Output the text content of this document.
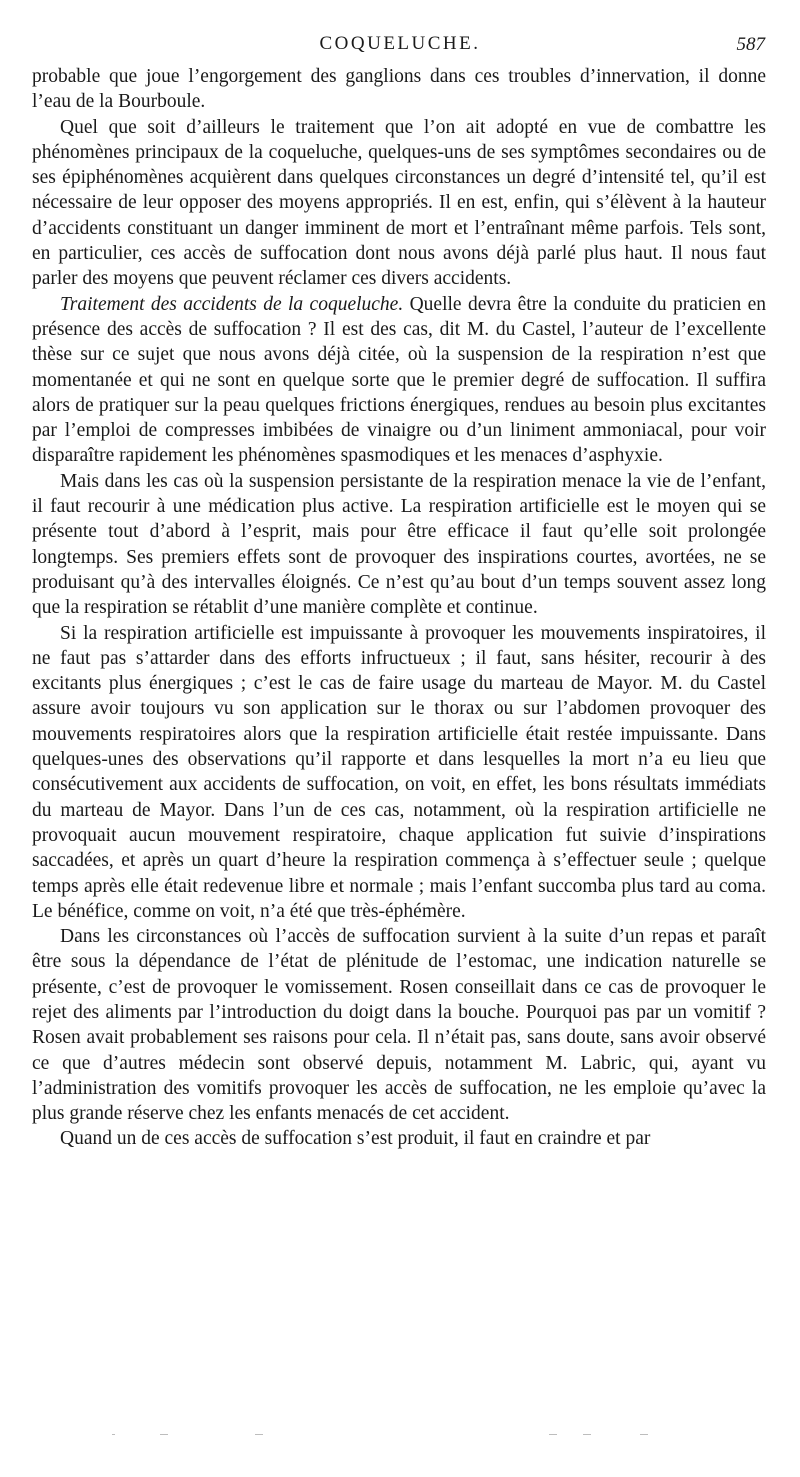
COQUELUCHE.	587

probable que joue l’engorgement des ganglions dans ces troubles d’innervation, il donne l’eau de la Bourboule.

Quel que soit d’ailleurs le traitement que l’on ait adopté en vue de combattre les phénomènes principaux de la coqueluche, quelques-uns de ses symptômes secondaires ou de ses épiphénomènes acquièrent dans quelques circonstances un degré d’intensité tel, qu’il est nécessaire de leur opposer des moyens appropriés. Il en est, enfin, qui s’élèvent à la hauteur d’accidents constituant un danger imminent de mort et l’entraînant même parfois. Tels sont, en particulier, ces accès de suffocation dont nous avons déjà parlé plus haut. Il nous faut parler des moyens que peuvent réclamer ces divers accidents.

Traitement des accidents de la coqueluche. Quelle devra être la conduite du praticien en présence des accès de suffocation ? Il est des cas, dit M. du Castel, l’auteur de l’excellente thèse sur ce sujet que nous avons déjà citée, où la suspension de la respiration n’est que momentanée et qui ne sont en quelque sorte que le premier degré de suffocation. Il suffira alors de pratiquer sur la peau quelques frictions énergiques, rendues au besoin plus excitantes par l’emploi de compresses imbibées de vinaigre ou d’un liniment ammoniacal, pour voir disparaître rapidement les phénomènes spasmodiques et les menaces d’asphyxie.

Mais dans les cas où la suspension persistante de la respiration menace la vie de l’enfant, il faut recourir à une médication plus active. La respiration artificielle est le moyen qui se présente tout d’abord à l’esprit, mais pour être efficace il faut qu’elle soit prolongée longtemps. Ses premiers effets sont de provoquer des inspirations courtes, avortées, ne se produisant qu’à des intervalles éloignés. Ce n’est qu’au bout d’un temps souvent assez long que la respiration se rétablit d’une manière complète et continue.

Si la respiration artificielle est impuissante à provoquer les mouvements inspiratoires, il ne faut pas s’attarder dans des efforts infructueux ; il faut, sans hésiter, recourir à des excitants plus énergiques ; c’est le cas de faire usage du marteau de Mayor. M. du Castel assure avoir toujours vu son application sur le thorax ou sur l’abdomen provoquer des mouvements respiratoires alors que la respiration artificielle était restée impuissante. Dans quelques-unes des observations qu’il rapporte et dans lesquelles la mort n’a eu lieu que consécutivement aux accidents de suffocation, on voit, en effet, les bons résultats immédiats du marteau de Mayor. Dans l’un de ces cas, notamment, où la respiration artificielle ne provoquait aucun mouvement respiratoire, chaque application fut suivie d’inspirations saccadées, et après un quart d’heure la respiration commença à s’effectuer seule ; quelque temps après elle était redevenue libre et normale ; mais l’enfant succomba plus tard au coma. Le bénéfice, comme on voit, n’a été que très-éphémère.

Dans les circonstances où l’accès de suffocation survient à la suite d’un repas et paraît être sous la dépendance de l’état de plénitude de l’estomac, une indication naturelle se présente, c’est de provoquer le vomissement. Rosen conseillait dans ce cas de provoquer le rejet des aliments par l’introduction du doigt dans la bouche. Pourquoi pas par un vomitif ? Rosen avait probablement ses raisons pour cela. Il n’était pas, sans doute, sans avoir observé ce que d’autres médecin sont observé depuis, notamment M. Labric, qui, ayant vu l’administration des vomitifs provoquer les accès de suffocation, ne les emploie qu’avec la plus grande réserve chez les enfants menacés de cet accident.

Quand un de ces accès de suffocation s’est produit, il faut en craindre et par
